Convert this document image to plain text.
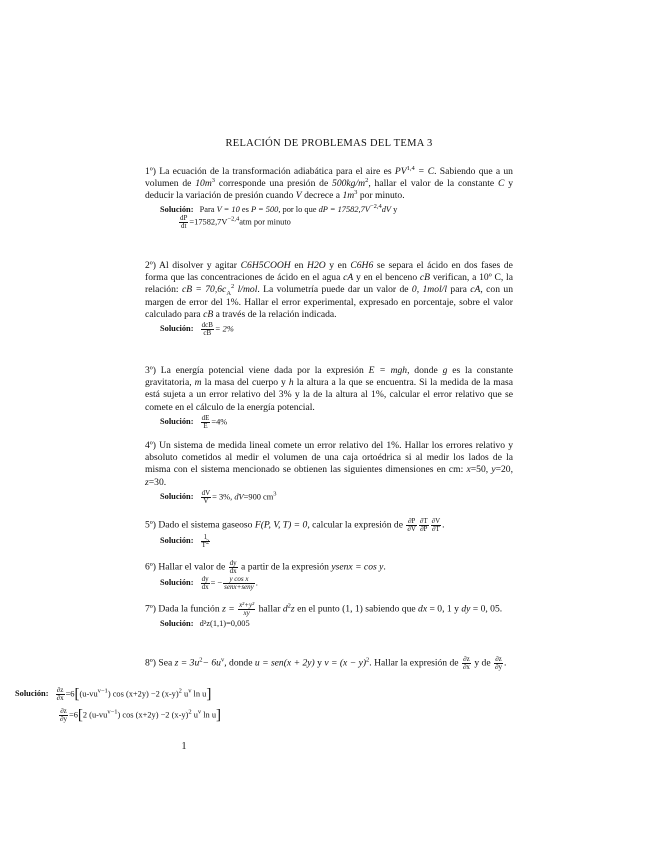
RELACIÓN DE PROBLEMAS DEL TEMA 3

1º) La ecuación de la transformación adiabática para el aire es PV$^{1,4}$ = C. Sabiendo que a un volumen de $10m^3$ corresponde una presión de $500kg/m^2$, hallar el valor de la constante C y deducir la variación de presión cuando V decrece a $1m^3$ por minuto.

Solución: Para V = 10 es P = 500, por lo que dP = $17582,7V^{-2,4}dV$ y
$\frac{dP}{dt} =17582,7V^{-2,4}atm$ por minuto

2º) Al disolver y agitar C6H5COOH en H2O y en C6H6 se separa el ácido en dos fases de forma que las concentraciones de ácido en el agua cA y en el benceno cB verifican, a 10º C, la relación: cB = $70,6c_A^2$ l/mol. La volumetría puede dar un valor de 0, 1mol/l para cA, con un margen de error del 1%. Hallar el error experimental, expresado en porcentaje, sobre el valor calculado para cB a través de la relación indicada.

Solución: $\frac{\text{dcB}}{cB} = 2\%$

3º) La energía potencial viene dada por la expresión E = mgh, donde g es la constante gravitatoria, m la masa del cuerpo y h la altura a la que se encuentra. Si la medida de la masa está sujeta a un error relativo del 3% y la de la altura al 1%, calcular el error relativo que se comete en el cálculo de la energía potencial.

Solución: $\frac{dE}{E} =4\%$

4º) Un sistema de medida lineal comete un error relativo del 1%. Hallar los errores relativo y absoluto cometidos al medir el volumen de una caja ortoédrica si al medir los lados de la misma con el sistema mencionado se obtienen las siguientes dimensiones en cm: x=50, y=20, z=30.

Solución: $\frac{dV}{V} = 3\%$, dV=900 $cm^3$

5º) Dado el sistema gaseoso F(P, V, T) = 0, calcular la expresión de $\frac{\partial P}{\partial V} \frac{\partial T}{\partial P} \frac{\partial V}{\partial T}$ .

Solución: $\frac{1}{T^2}$

6º) Hallar el valor de $\frac{dy}{dx}$ a partir de la expresión ysenx = cos y.

Solución: $\frac{dy}{dx}$ = − $\frac{\text{y cos x}}{\text{senx+seny}}$ .

7º) Dada la función $z = \frac{\text{x²+y²}}{xy}$ hallar $d^2z$ en el punto (1, 1) sabiendo que dx = 0, 1 y dy = 0, 05.

Solución: d²z(1,1)=0,005

8º) Sea $z = 3u^2- 6u^v$, donde u = sen(x + 2y) y $v = (x - y)^2$. Hallar la expresión de $\frac{\partial z}{\partial x}$ y de $\frac{\partial z}{\partial y}$ .

Solución: $\frac{\partial z}{\partial x} =6[(u-vu^{v-1})$ cos (x+2y) −2 $(x-y)^2$ $u^v$ ln u]
$\frac{\partial z}{\partial y} =6[2$ $(u-vu^{v-1})$ cos (x+2y) −2 $(x-y)^2$ $u^v$ ln u]
1
